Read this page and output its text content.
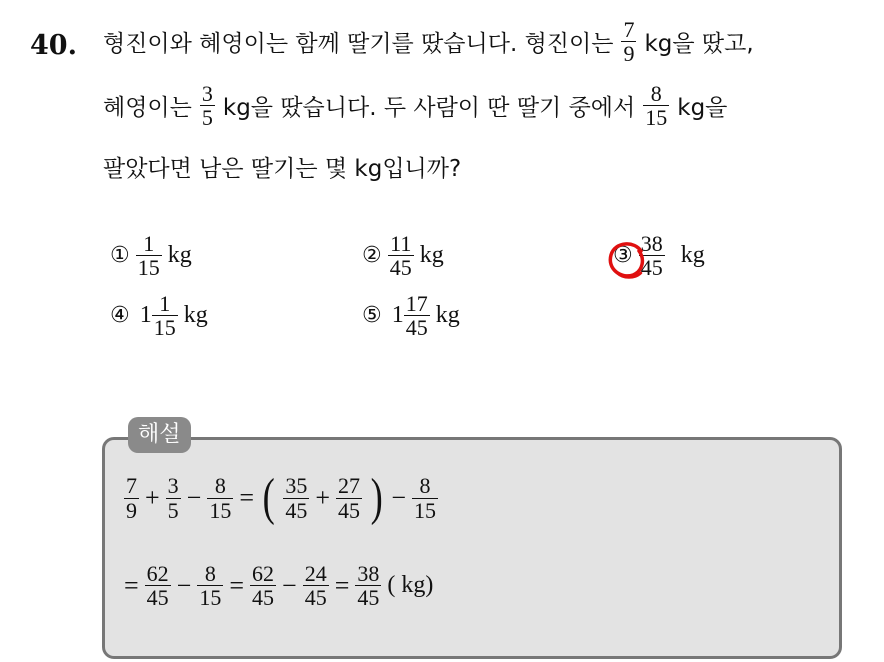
40. 형진이와 혜영이는 함께 딸기를 땄습니다. 형진이는 $\frac{7}{9}$ kg을 땄고,
혜영이는 $\frac{3}{5}$ kg을 땄습니다. 두 사람이 딴 딸기 중에서 $\frac{8}{15}$ kg을
팔았다면 남은 딸기는 몇 kg입니까?
① $\frac{1}{15}$ kg	② $\frac{11}{45}$ kg	③ $\frac{38}{45}$ kg
④ $1 \frac{1}{15}$ kg	⑤ $1 \frac{17}{45}$ kg
해설
$\frac{7}{9} + \frac{3}{5} - \frac{8}{15}$ = ( $\frac{35}{45} + \frac{27}{45}$ ) − $\frac{8}{15}$
= $\frac{62}{45} - \frac{8}{15} = \frac{62}{45} - \frac{24}{45} = \frac{38}{45}$ ( kg)
